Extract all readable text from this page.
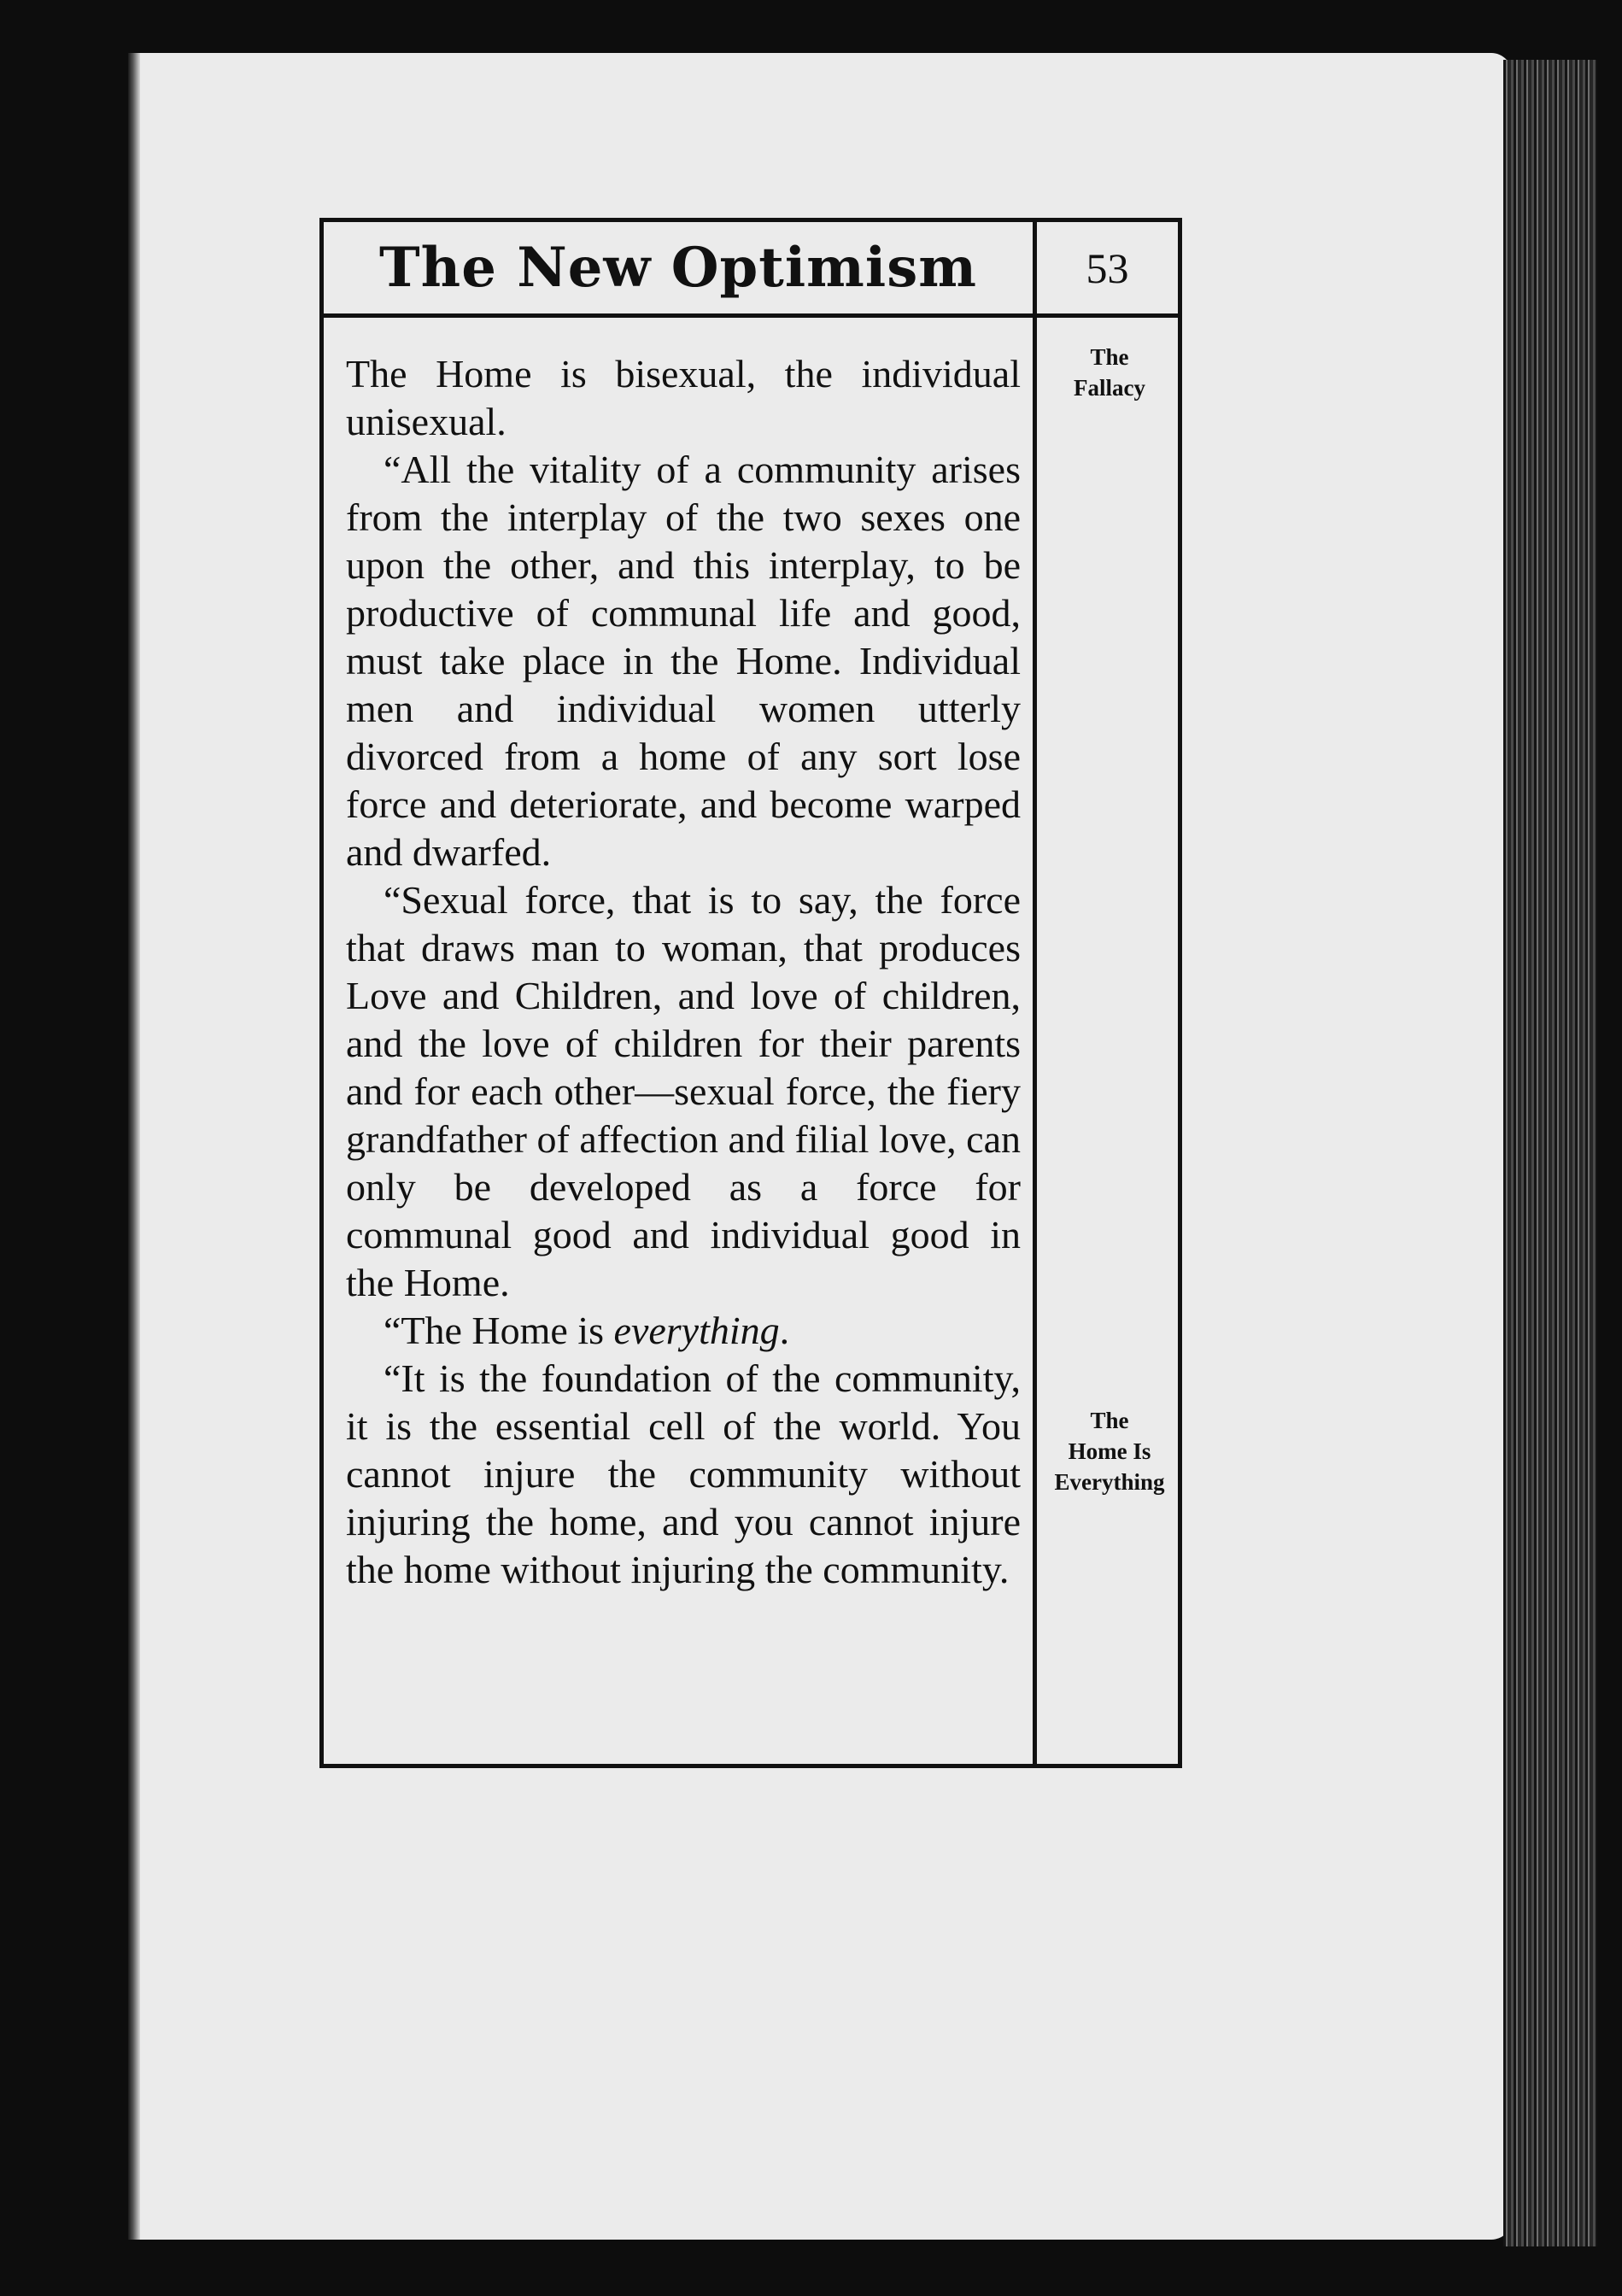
The New Optimism	53

The Home is bisexual, the individual unisexual.

“All the vitality of a community arises from the interplay of the two sexes one upon the other, and this interplay, to be productive of communal life and good, must take place in the Home. Individual men and individual women utterly divorced from a home of any sort lose force and deteriorate, and become warped and dwarfed.

“Sexual force, that is to say, the force that draws man to woman, that produces Love and Children, and love of children, and the love of children for their parents and for each other—sexual force, the fiery grandfather of affection and filial love, can only be developed as a force for communal good and individual good in the Home.

“The Home is everything.

“It is the foundation of the community, it is the essential cell of the world. You cannot injure the community without injuring the home, and you cannot injure the home without injuring the community.

The
Fallacy
The
Home Is
Everything
